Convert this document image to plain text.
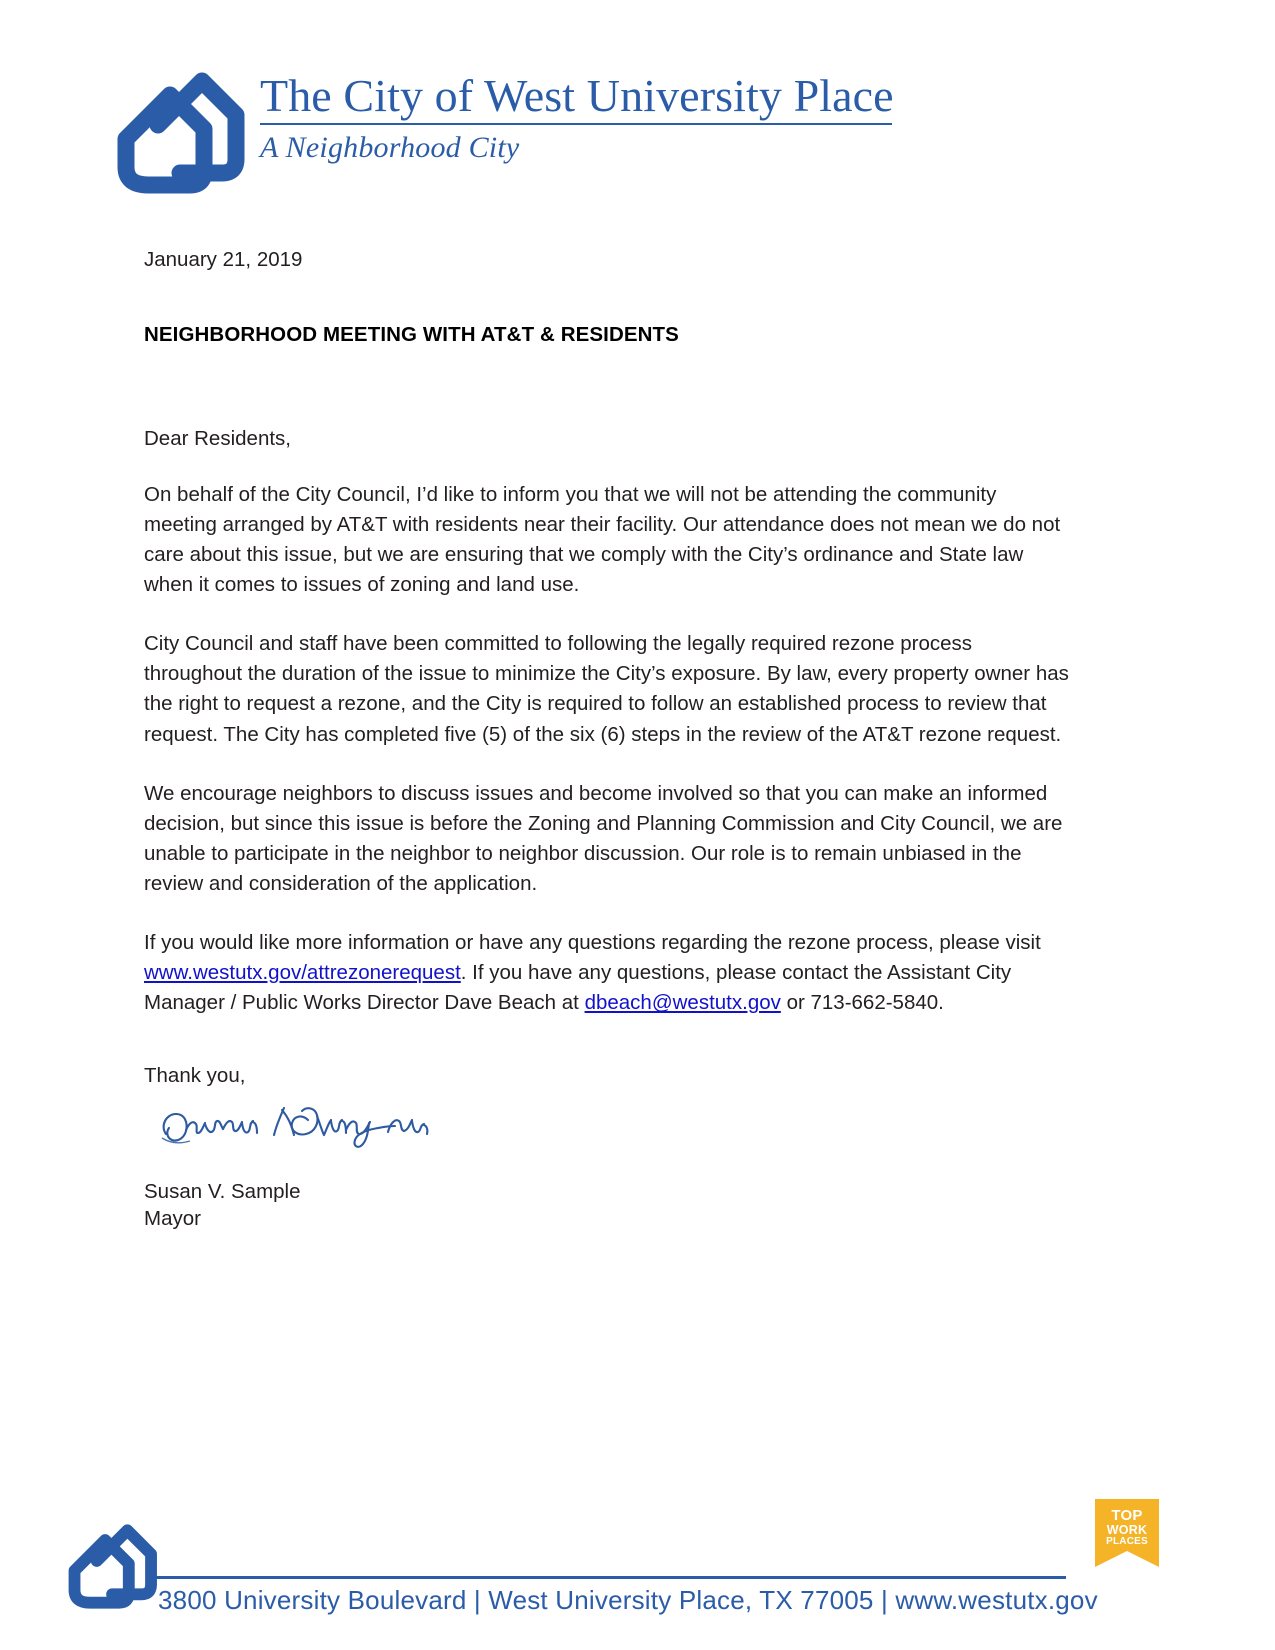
The City of West University Place
A Neighborhood City

January 21, 2019

NEIGHBORHOOD MEETING WITH AT&T & RESIDENTS

Dear Residents,

On behalf of the City Council, I’d like to inform you that we will not be attending the community meeting arranged by AT&T with residents near their facility. Our attendance does not mean we do not care about this issue, but we are ensuring that we comply with the City’s ordinance and State law when it comes to issues of zoning and land use.

City Council and staff have been committed to following the legally required rezone process throughout the duration of the issue to minimize the City’s exposure. By law, every property owner has the right to request a rezone, and the City is required to follow an established process to review that request. The City has completed five (5) of the six (6) steps in the review of the AT&T rezone request.

We encourage neighbors to discuss issues and become involved so that you can make an informed decision, but since this issue is before the Zoning and Planning Commission and City Council, we are unable to participate in the neighbor to neighbor discussion. Our role is to remain unbiased in the review and consideration of the application.

If you would like more information or have any questions regarding the rezone process, please visit www.westutx.gov/attrezonerequest. If you have any questions, please contact the Assistant City Manager / Public Works Director Dave Beach at dbeach@westutx.gov or 713-662-5840.

Thank you,

Susan V. Sample

Mayor

3800 University Boulevard | West University Place, TX 77005 | www.westutx.gov
TOP
WORK
PLACES
